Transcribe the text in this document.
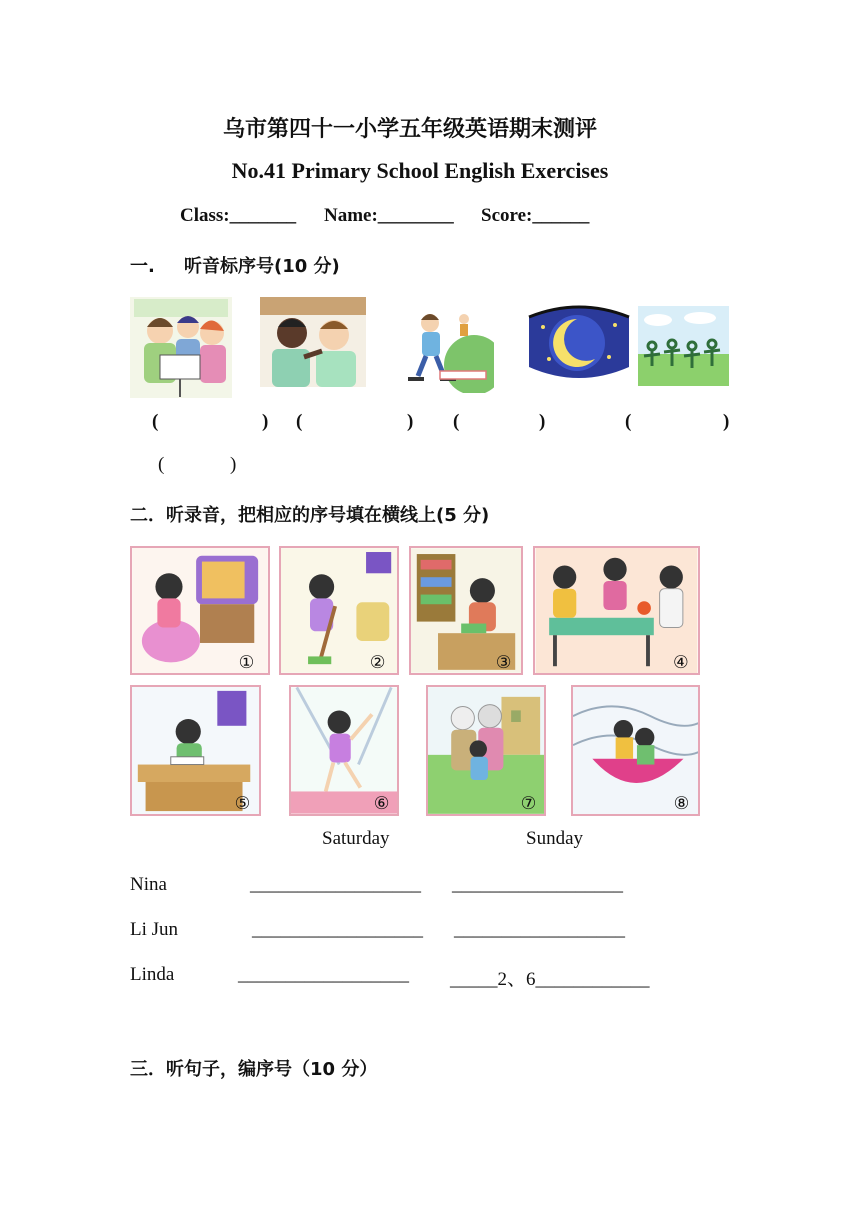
乌市第四十一小学五年级英语期末测评
No.41 Primary School English Exercises
Class:_______ Name:________ Score:______
一. 听音标序号(10 分)
(	) (	) (	)	(	)
(	)
二．听录音，把相应的序号填在横线上(5 分)
①	②	③	④
⑤	⑥	⑦	⑧
Saturday	Sunday
Nina	__________________ __________________
Li Jun	__________________ __________________
Linda	__________________ _____2、6____________
三．听句子，编序号（10 分）
